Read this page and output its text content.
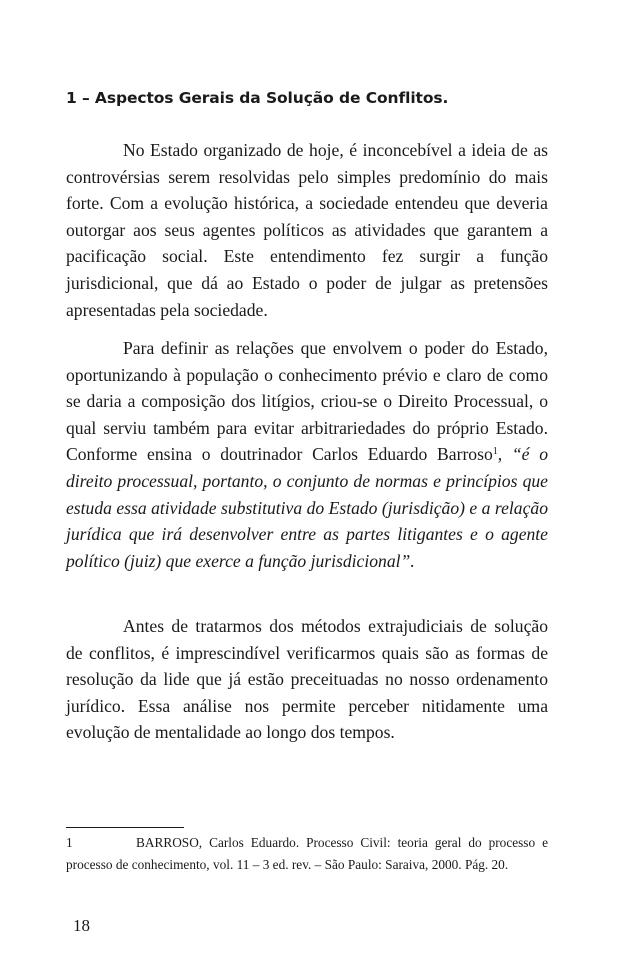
1 – Aspectos Gerais da Solução de Conflitos.

No Estado organizado de hoje, é inconcebível a ideia de as controvérsias serem resolvidas pelo simples predomínio do mais forte. Com a evolução histórica, a sociedade entendeu que deveria outorgar aos seus agentes políticos as atividades que garantem a pacificação social. Este entendimento fez surgir a função jurisdicional, que dá ao Estado o poder de julgar as pretensões apresentadas pela sociedade.

Para definir as relações que envolvem o poder do Estado, oportunizando à população o conhecimento prévio e claro de como se daria a composição dos litígios, criou-se o Direito Processual, o qual serviu também para evitar arbitrariedades do próprio Estado. Conforme ensina o doutrinador Carlos Eduardo Barroso$^1$, “é o direito processual, portanto, o conjunto de normas e princípios que estuda essa atividade substitutiva do Estado (jurisdição) e a relação jurídica que irá desenvolver entre as partes litigantes e o agente político (juiz) que exerce a função jurisdicional”.

Antes de tratarmos dos métodos extrajudiciais de solução de conflitos, é imprescindível verificarmos quais são as formas de resolução da lide que já estão preceituadas no nosso ordenamento jurídico. Essa análise nos permite perceber nitidamente uma evolução de mentalidade ao longo dos tempos.

1	BARROSO, Carlos Eduardo. Processo Civil: teoria geral do processo e processo de conhecimento, vol. 11 – 3 ed. rev. – São Paulo: Saraiva, 2000. Pág. 20.

18
